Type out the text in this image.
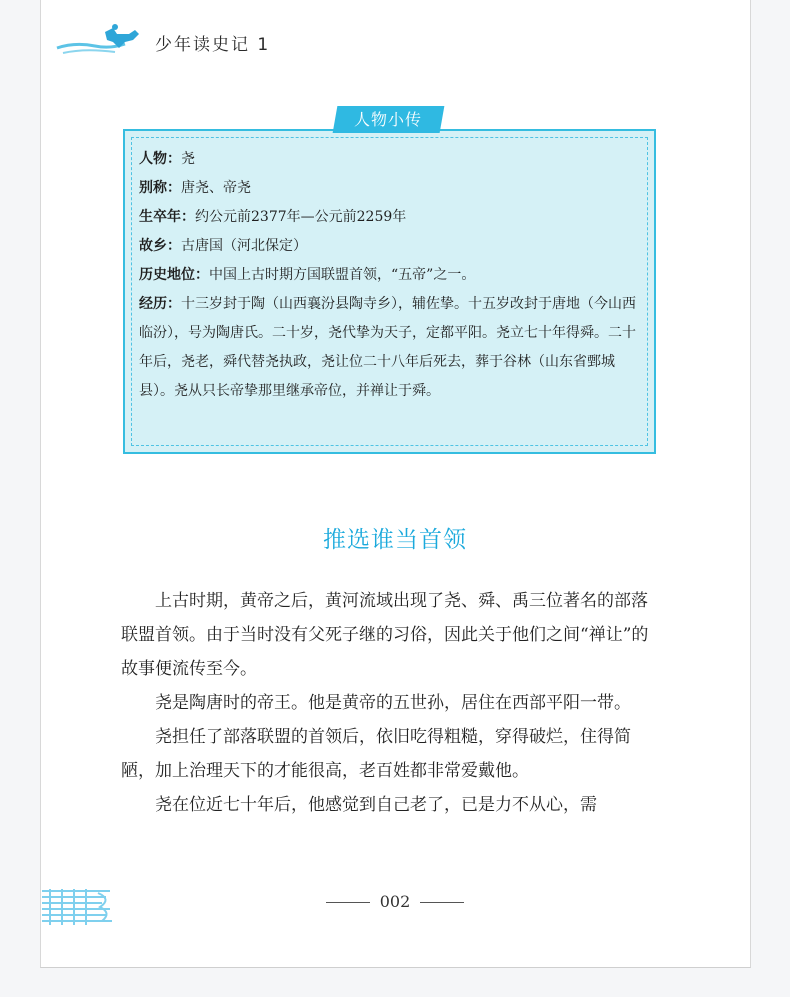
少年读史记 1
人物小传
人物：尧
别称：唐尧、帝尧
生卒年：约公元前2377年—公元前2259年
故乡：古唐国（河北保定）
历史地位：中国上古时期方国联盟首领，“五帝”之一。
经历：十三岁封于陶（山西襄汾县陶寺乡），辅佐挚。十五岁改封于唐地（今山西临汾），号为陶唐氏。二十岁，尧代挚为天子，定都平阳。尧立七十年得舜。二十年后，尧老，舜代替尧执政，尧让位二十八年后死去，葬于谷林（山东省鄄城县）。尧从只长帝挚那里继承帝位，并禅让于舜。
推选谁当首领

上古时期，黄帝之后，黄河流域出现了尧、舜、禹三位著名的部落联盟首领。由于当时没有父死子继的习俗，因此关于他们之间“禅让”的故事便流传至今。

尧是陶唐时的帝王。他是黄帝的五世孙，居住在西部平阳一带。

尧担任了部落联盟的首领后，依旧吃得粗糙，穿得破烂，住得简陋，加上治理天下的才能很高，老百姓都非常爱戴他。

尧在位近七十年后，他感觉到自己老了，已是力不从心，需

002
